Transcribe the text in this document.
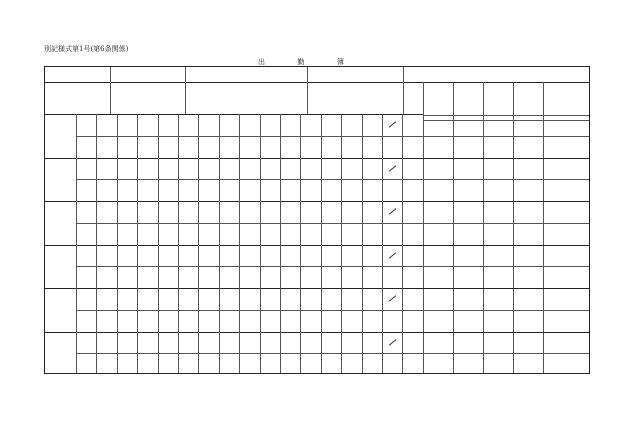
別記様式第1号(第6条関係)
出	勤	簿
